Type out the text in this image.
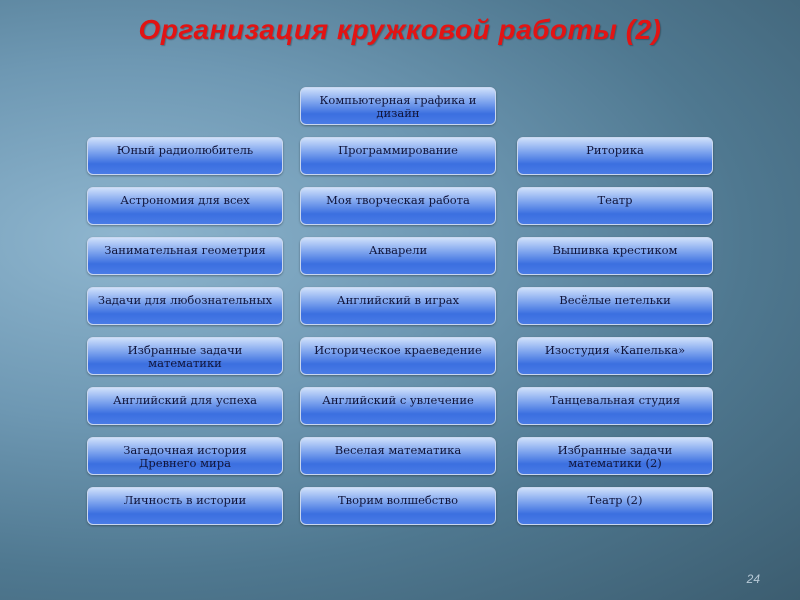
Организация кружковой работы (2)
Компьютерная графика и дизайн
Юный радиолюбитель
Астрономия для всех
Занимательная геометрия
Задачи для любознательных
Избранные задачи математики
Английский для успеха
Загадочная история Древнего мира
Личность в истории
Программирование
Моя творческая работа
Акварели
Английский в играх
Историческое краеведение
Английский с увлечение
Веселая математика
Творим волшебство
Риторика
Театр
Вышивка крестиком
Весёлые петельки
Изостудия «Капелька»
Танцевальная студия
Избранные задачи математики (2)
Театр (2)
24
